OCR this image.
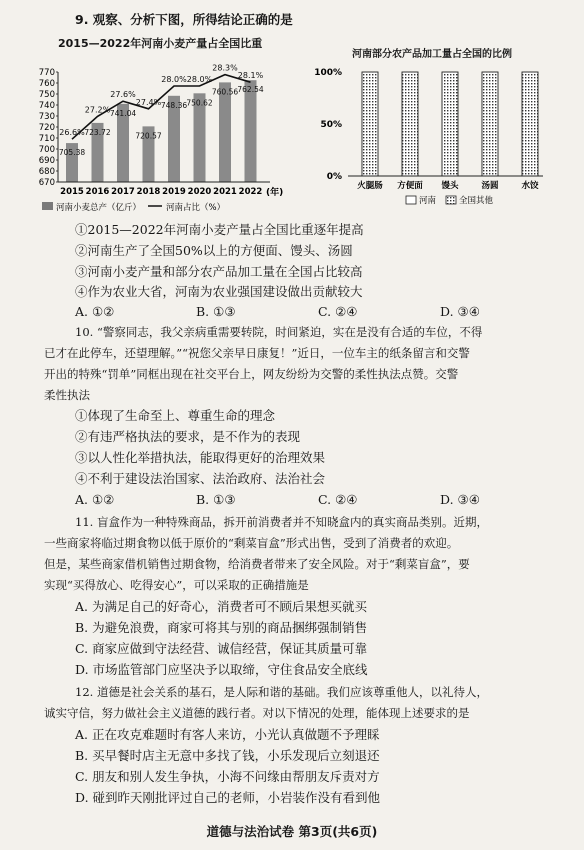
9. 观察、分析下图，所得结论正确的是
2015—2022年河南小麦产量占全国比重
770
760
750
740
730
720
710
700
690
680
670
705.38
2015
26.6% 723.72
2016
27.2% 741.04
2017
27.6%
720.57
2018
27.4% 748.36
2019
28.0%
750.62
2020
28.0%
760.56
2021
28.3%
762.54
2022
28.1%
(年)
河南小麦总产（亿斤）	河南占比（%）
河南部分农产品加工量占全国的比例
100%
50%
0%
火腿肠 方便面 馒头	汤圆	水饺
河南	全国其他
①2015—2022年河南小麦产量占全国比重逐年提高
②河南生产了全国50%以上的方便面、馒头、汤圆
③河南小麦产量和部分农产品加工量在全国占比较高
④作为农业大省，河南为农业强国建设做出贡献较大
A. ①②	B. ①③	C. ②④	D. ③④
10. “警察同志，我父亲病重需要转院，时间紧迫，实在是没有合适的车位，不得
已才在此停车，还望理解。”“祝您父亲早日康复！”近日，一位车主的纸条留言和交警
开出的特殊“罚单”同框出现在社交平台上，网友纷纷为交警的柔性执法点赞。交警
柔性执法
①体现了生命至上、尊重生命的理念
②有违严格执法的要求，是不作为的表现
③以人性化举措执法，能取得更好的治理效果
④不利于建设法治国家、法治政府、法治社会
A. ①②	B. ①③	C. ②④	D. ③④
11. 盲盒作为一种特殊商品，拆开前消费者并不知晓盒内的真实商品类别。近期，
一些商家将临过期食物以低于原价的“剩菜盲盒”形式出售，受到了消费者的欢迎。
但是，某些商家借机销售过期食物，给消费者带来了安全风险。对于“剩菜盲盒”，要
实现“买得放心、吃得安心”，可以采取的正确措施是
A. 为满足自己的好奇心，消费者可不顾后果想买就买
B. 为避免浪费，商家可将其与别的商品捆绑强制销售
C. 商家应做到守法经营、诚信经营，保证其质量可靠
D. 市场监管部门应坚决予以取缔，守住食品安全底线
12. 道德是社会关系的基石，是人际和谐的基础。我们应该尊重他人，以礼待人，
诚实守信，努力做社会主义道德的践行者。对以下情况的处理，能体现上述要求的是
A. 正在攻克难题时有客人来访，小光认真做题不予理睬
B. 买早餐时店主无意中多找了钱，小乐发现后立刻退还
C. 朋友和别人发生争执，小海不问缘由帮朋友斥责对方
D. 碰到昨天刚批评过自己的老师，小岩装作没有看到他
道德与法治试卷 第3页(共6页)
